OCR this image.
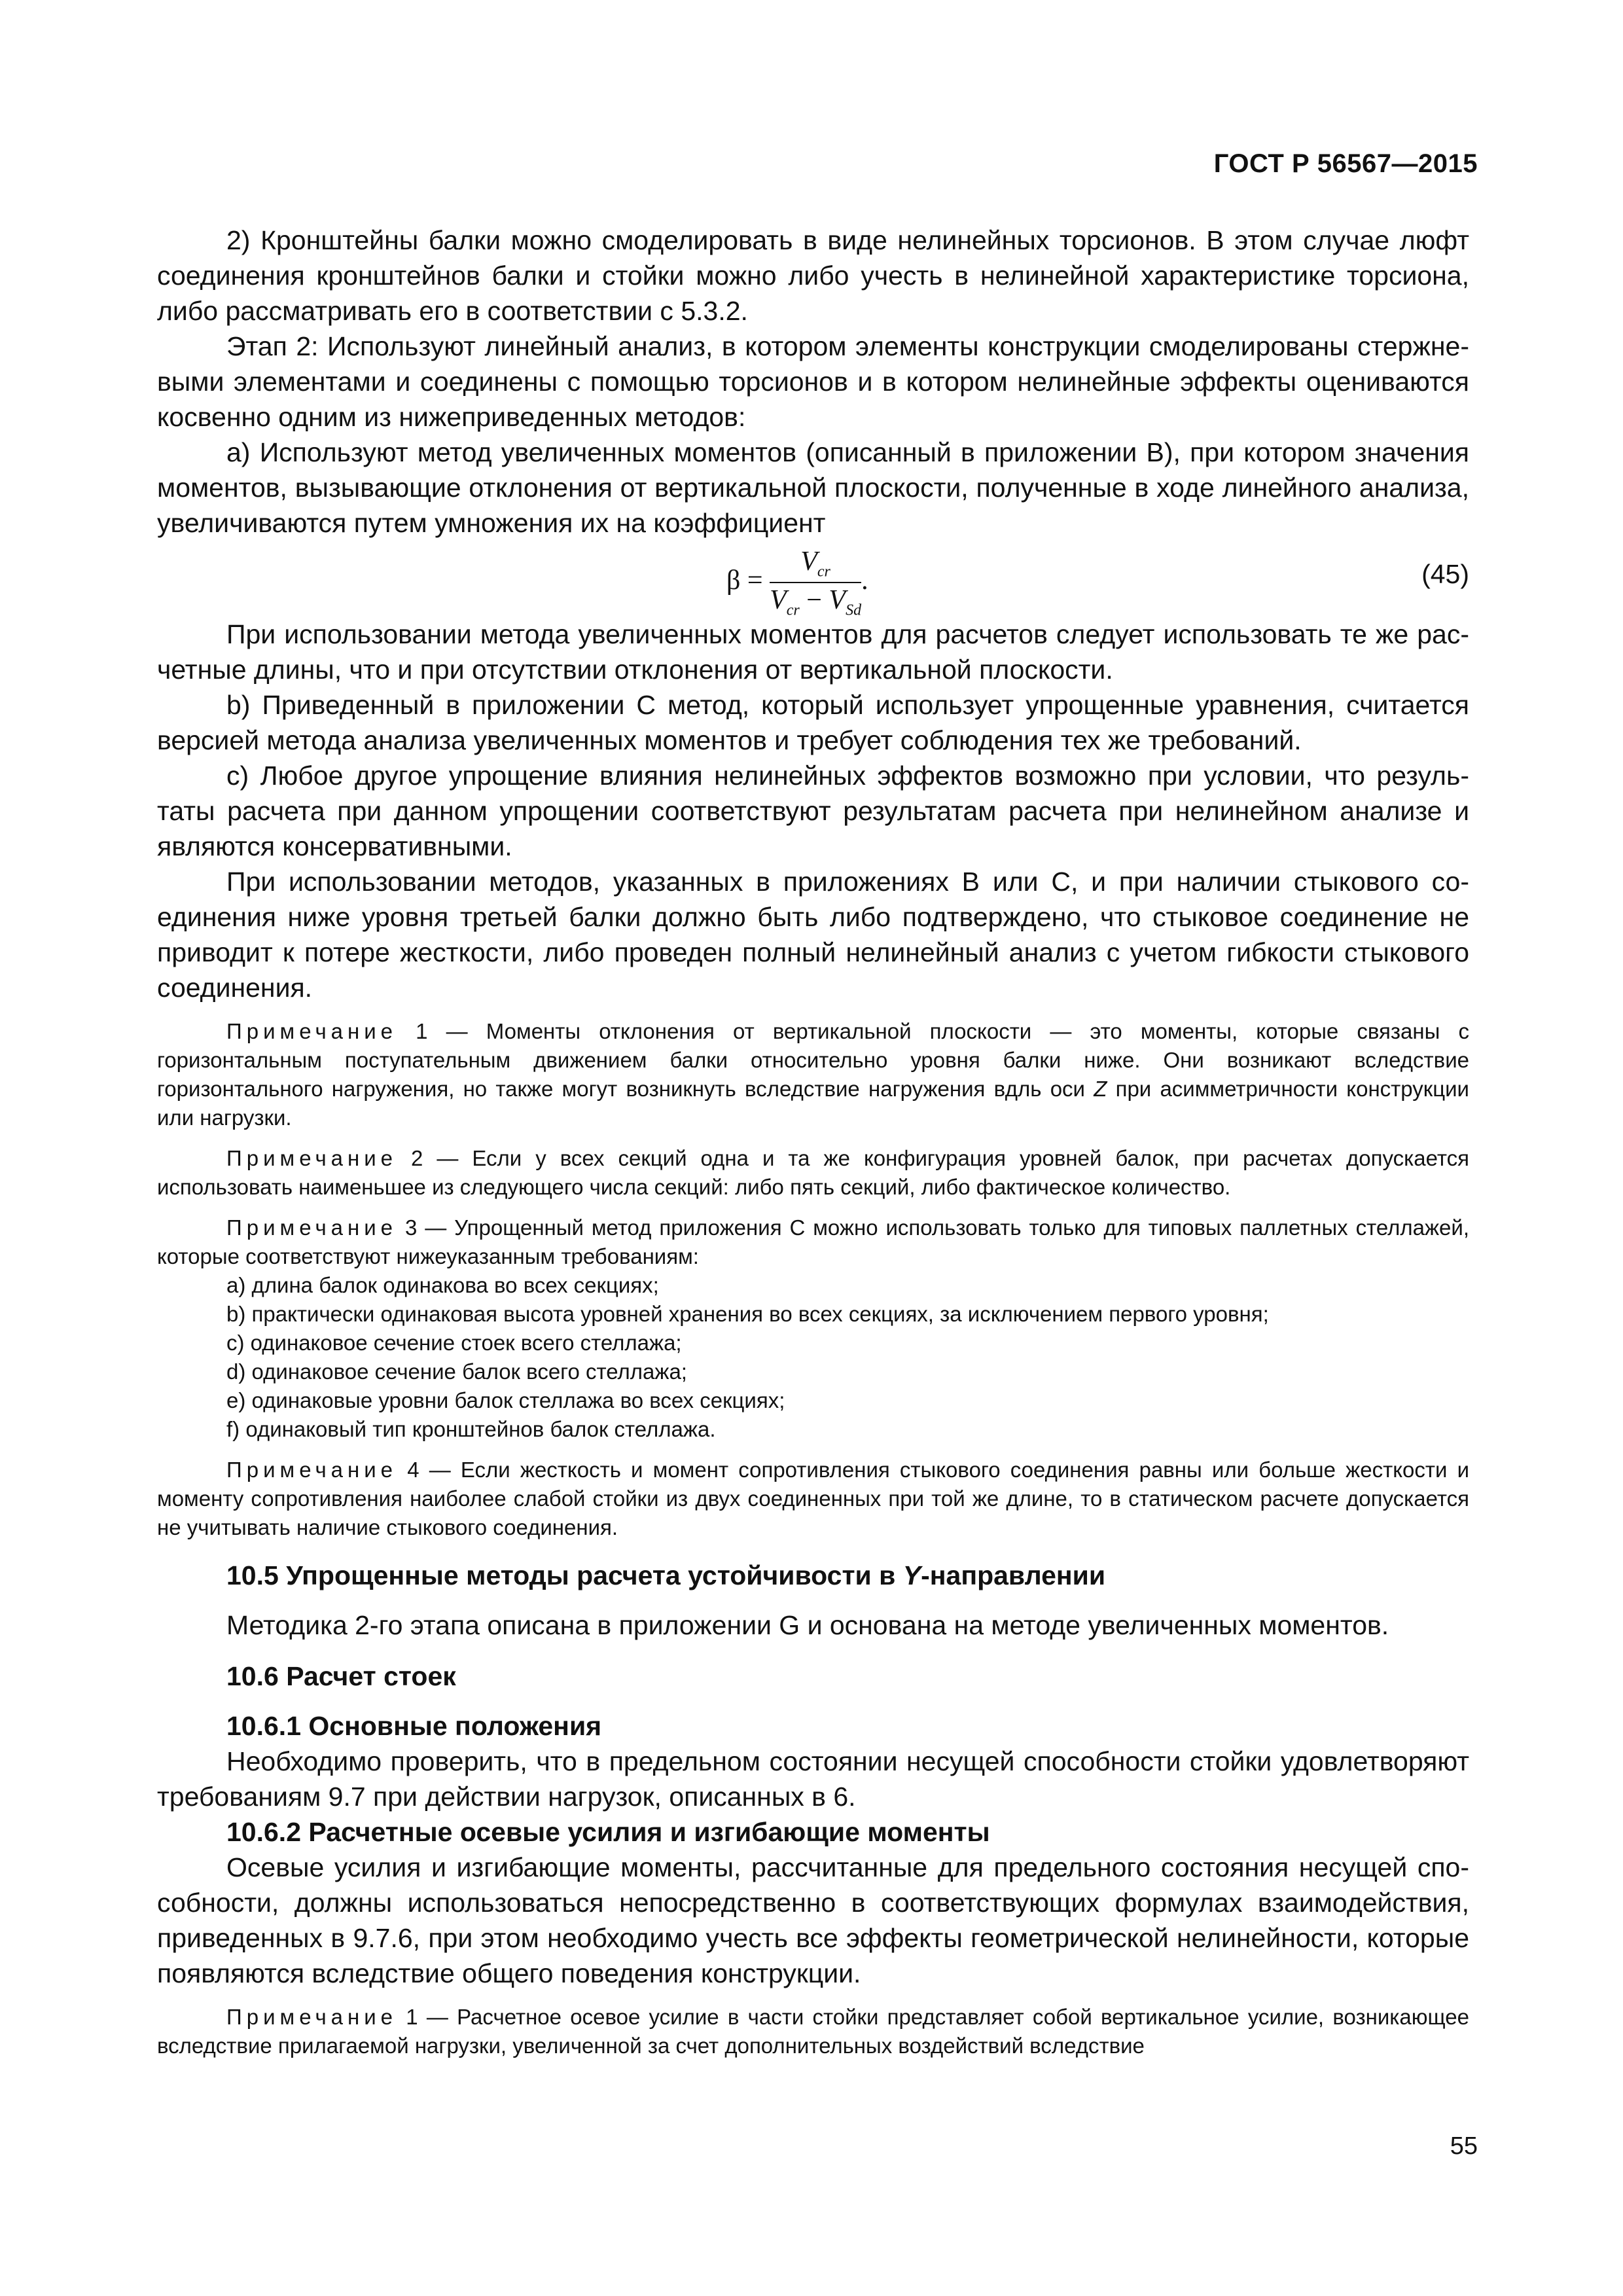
ГОСТ Р 56567—2015

2) Кронштейны балки можно смоделировать в виде нелинейных торсионов. В этом случае люфт соединения кронштейнов балки и стойки можно либо учесть в нелинейной характеристике торсиона, либо рассматривать его в соответствии с 5.3.2.

Этап 2: Используют линейный анализ, в котором элементы конструкции смоделированы стержневыми элементами и соединены с помощью торсионов и в котором нелинейные эффекты оцениваются косвенно одним из нижеприведенных методов:

a) Используют метод увеличенных моментов (описанный в приложении В), при котором значения моментов, вызывающие отклонения от вертикальной плоскости, полученные в ходе линейного анализа, увеличиваются путем умножения их на коэффициент

$\beta = \frac{V_{cr}}{V_{cr} - V_{Sd}}$ .	(45)

При использовании метода увеличенных моментов для расчетов следует использовать те же расчетные длины, что и при отсутствии отклонения от вертикальной плоскости.

b) Приведенный в приложении С метод, который использует упрощенные уравнения, считается версией метода анализа увеличенных моментов и требует соблюдения тех же требований.

c) Любое другое упрощение влияния нелинейных эффектов возможно при условии, что результаты расчета при данном упрощении соответствуют результатам расчета при нелинейном анализе и являются консервативными.

При использовании методов, указанных в приложениях В или С, и при наличии стыкового соединения ниже уровня третьей балки должно быть либо подтверждено, что стыковое соединение не приводит к потере жесткости, либо проведен полный нелинейный анализ с учетом гибкости стыкового соединения.

Примечание 1 — Моменты отклонения от вертикальной плоскости — это моменты, которые связаны с горизонтальным поступательным движением балки относительно уровня балки ниже. Они возникают вследствие горизонтального нагружения, но также могут возникнуть вследствие нагружения вдль оси Z при асимметричности конструкции или нагрузки.

Примечание 2 — Если у всех секций одна и та же конфигурация уровней балок, при расчетах допускается использовать наименьшее из следующего числа секций: либо пять секций, либо фактическое количество.

Примечание 3 — Упрощенный метод приложения С можно использовать только для типовых паллетных стеллажей, которые соответствуют нижеуказанным требованиям:

a) длина балок одинакова во всех секциях;
b) практически одинаковая высота уровней хранения во всех секциях, за исключением первого уровня;
c) одинаковое сечение стоек всего стеллажа;
d) одинаковое сечение балок всего стеллажа;
e) одинаковые уровни балок стеллажа во всех секциях;
f) одинаковый тип кронштейнов балок стеллажа.

Примечание 4 — Если жесткость и момент сопротивления стыкового соединения равны или больше жесткости и моменту сопротивления наиболее слабой стойки из двух соединенных при той же длине, то в статическом расчете допускается не учитывать наличие стыкового соединения.

10.5 Упрощенные методы расчета устойчивости в Y-направлении

Методика 2-го этапа описана в приложении G и основана на методе увеличенных моментов.

10.6 Расчет стоек
10.6.1 Основные положения

Необходимо проверить, что в предельном состоянии несущей способности стойки удовлетворяют требованиям 9.7 при действии нагрузок, описанных в 6.

10.6.2 Расчетные осевые усилия и изгибающие моменты

Осевые усилия и изгибающие моменты, рассчитанные для предельного состояния несущей способности, должны использоваться непосредственно в соответствующих формулах взаимодействия, приведенных в 9.7.6, при этом необходимо учесть все эффекты геометрической нелинейности, которые появляются вследствие общего поведения конструкции.

Примечание 1 — Расчетное осевое усилие в части стойки представляет собой вертикальное усилие, возникающее вследствие прилагаемой нагрузки, увеличенной за счет дополнительных воздействий вследствие

55
